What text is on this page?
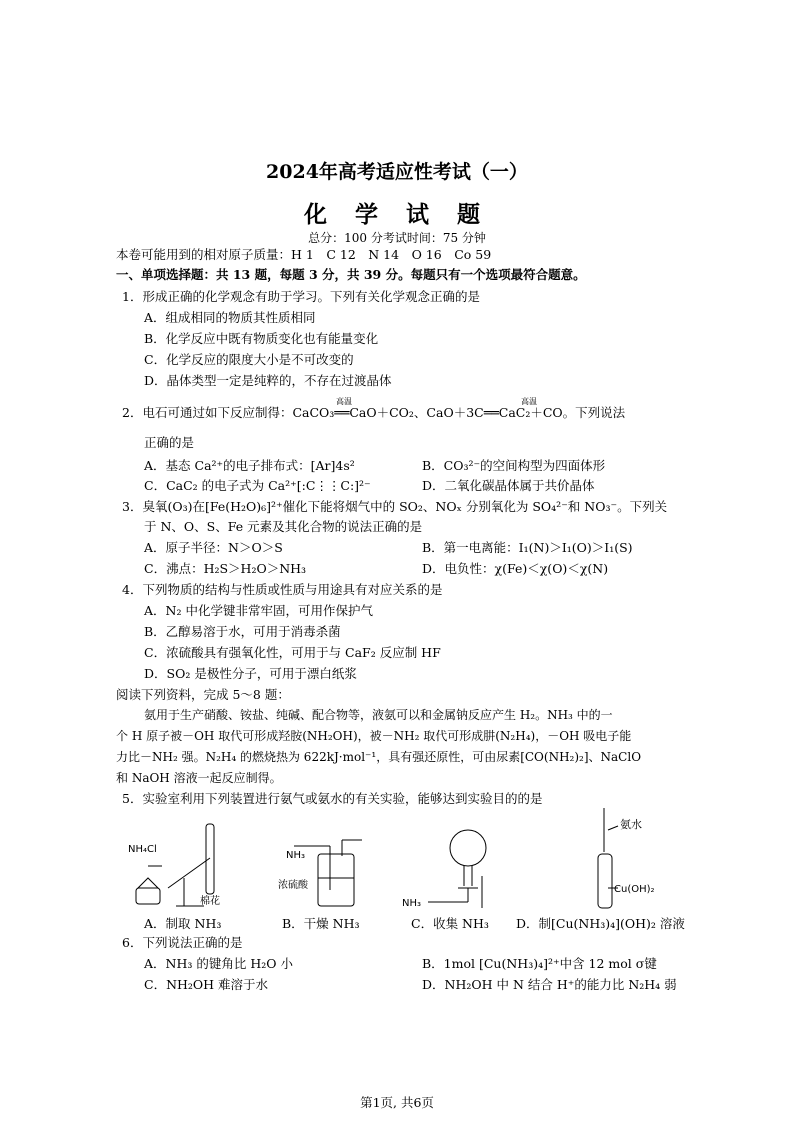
2024年高考适应性考试（一）
化 学 试 题
总分：100 分考试时间：75 分钟
本卷可能用到的相对原子质量：H 1　C 12　N 14　O 16　Co 59
一、单项选择题：共 13 题，每题 3 分，共 39 分。每题只有一个选项最符合题意。
1．形成正确的化学观念有助于学习。下列有关化学观念正确的是
A．组成相同的物质其性质相同
B．化学反应中既有物质变化也有能量变化
C．化学反应的限度大小是不可改变的
D．晶体类型一定是纯粹的，不存在过渡晶体
高温	高温
2．电石可通过如下反应制得：CaCO₃══CaO＋CO₂、CaO＋3C══CaC₂＋CO。下列说法
正确的是
A．基态 Ca²⁺的电子排布式：[Ar]4s²	B．CO₃²⁻的空间构型为四面体形
C．CaC₂ 的电子式为 Ca²⁺[:C⋮⋮C:]²⁻	D．二氧化碳晶体属于共价晶体
3．臭氧(O₃)在[Fe(H₂O)₆]²⁺催化下能将烟气中的 SO₂、NOₓ 分别氧化为 SO₄²⁻和 NO₃⁻。下列关
于 N、O、S、Fe 元素及其化合物的说法正确的是
A．原子半径：N＞O＞S	B．第一电离能：I₁(N)＞I₁(O)＞I₁(S)
C．沸点：H₂S＞H₂O＞NH₃	D．电负性：χ(Fe)＜χ(O)＜χ(N)
4．下列物质的结构与性质或性质与用途具有对应关系的是
A．N₂ 中化学键非常牢固，可用作保护气
B．乙醇易溶于水，可用于消毒杀菌
C．浓硫酸具有强氧化性，可用于与 CaF₂ 反应制 HF
D．SO₂ 是极性分子，可用于漂白纸浆
阅读下列资料，完成 5～8 题：
氨用于生产硝酸、铵盐、纯碱、配合物等，液氨可以和金属钠反应产生 H₂。NH₃ 中的一
个 H 原子被－OH 取代可形成羟胺(NH₂OH)，被－NH₂ 取代可形成肼(N₂H₄)，－OH 吸电子能
力比－NH₂ 强。N₂H₄ 的燃烧热为 622kJ·mol⁻¹，具有强还原性，可由尿素[CO(NH₂)₂]、NaClO
和 NaOH 溶液一起反应制得。
5．实验室利用下列装置进行氨气或氨水的有关实验，能够达到实验目的的是
NH₄Cl
棉花
NH₃
浓硫酸
NH₃
氨水
Cu(OH)₂
A．制取 NH₃	B．干燥 NH₃	C．收集 NH₃ D．制[Cu(NH₃)₄](OH)₂ 溶液
6．下列说法正确的是
A．NH₃ 的键角比 H₂O 小	B．1mol [Cu(NH₃)₄]²⁺中含 12 mol σ键
C．NH₂OH 难溶于水	D．NH₂OH 中 N 结合 H⁺的能力比 N₂H₄ 弱
第1页, 共6页
